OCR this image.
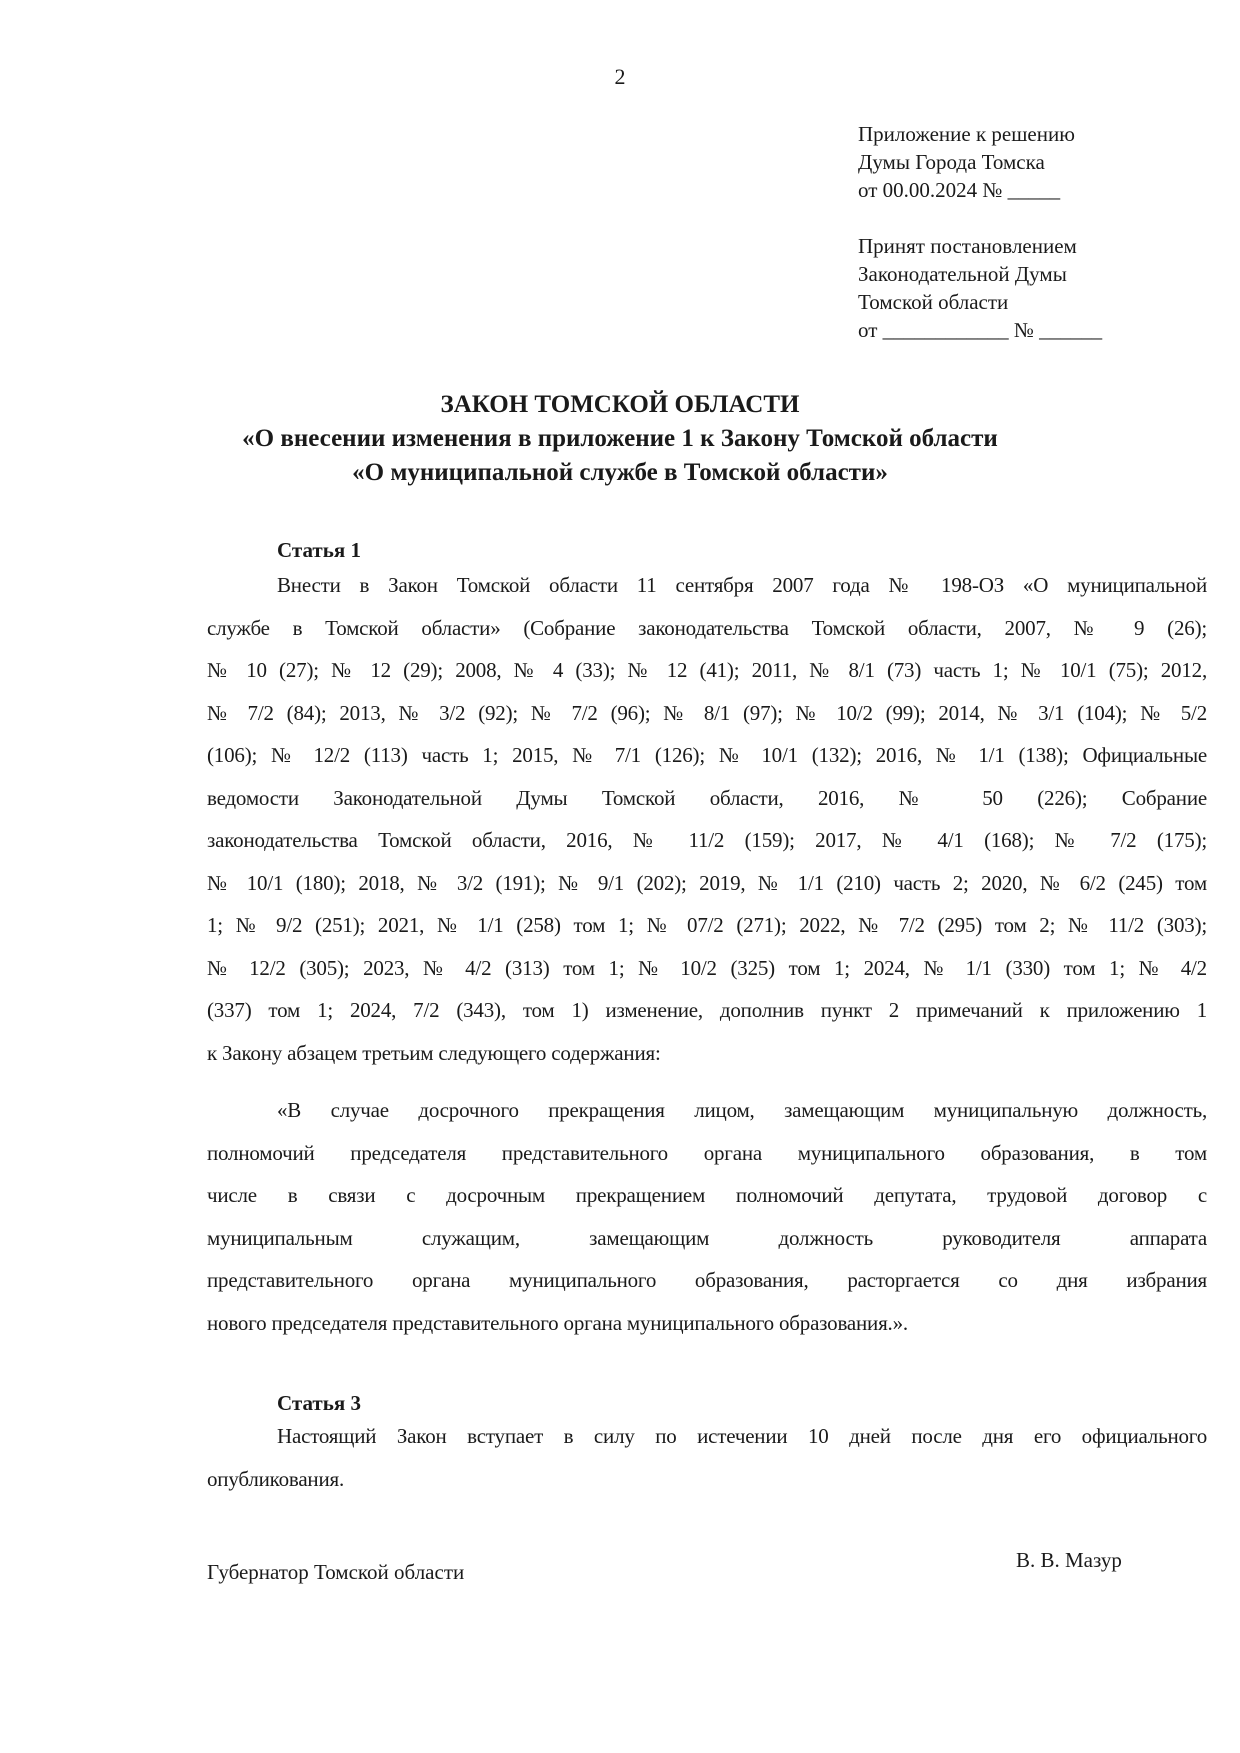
2
Приложение к решению
Думы Города Томска
от 00.00.2024 № _____
Принят постановлением
Законодательной Думы
Томской области
от ____________ № ______
ЗАКОН ТОМСКОЙ ОБЛАСТИ
«О внесении изменения в приложение 1 к Закону Томской области
«О муниципальной службе в Томской области»
Статья 1
Внести в Закон Томской области 11 сентября 2007 года № 198-ОЗ «О муниципальной
службе в Томской области» (Собрание законодательства Томской области, 2007, № 9 (26);
№ 10 (27); № 12 (29); 2008, № 4 (33); № 12 (41); 2011, № 8/1 (73) часть 1; № 10/1 (75); 2012,
№ 7/2 (84); 2013, № 3/2 (92); № 7/2 (96); № 8/1 (97); № 10/2 (99); 2014, № 3/1 (104); № 5/2
(106); № 12/2 (113) часть 1; 2015, № 7/1 (126); № 10/1 (132); 2016, № 1/1 (138); Официальные
ведомости Законодательной Думы Томской области, 2016, № 50 (226); Собрание
законодательства Томской области, 2016, № 11/2 (159); 2017, № 4/1 (168); № 7/2 (175);
№ 10/1 (180); 2018, № 3/2 (191); № 9/1 (202); 2019, № 1/1 (210) часть 2; 2020, № 6/2 (245) том
1; № 9/2 (251); 2021, № 1/1 (258) том 1; № 07/2 (271); 2022, № 7/2 (295) том 2; № 11/2 (303);
№ 12/2 (305); 2023, № 4/2 (313) том 1; № 10/2 (325) том 1; 2024, № 1/1 (330) том 1; № 4/2
(337) том 1; 2024, 7/2 (343), том 1) изменение, дополнив пункт 2 примечаний к приложению 1
к Закону абзацем третьим следующего содержания:
«В случае досрочного прекращения лицом, замещающим муниципальную должность,
полномочий председателя представительного органа муниципального образования, в том
числе в связи с досрочным прекращением полномочий депутата, трудовой договор с
муниципальным служащим, замещающим должность руководителя аппарата
представительного органа муниципального образования, расторгается со дня избрания
нового председателя представительного органа муниципального образования.».
Статья 3
Настоящий Закон вступает в силу по истечении 10 дней после дня его официального
опубликования.
Губернатор Томской области	В. В. Мазур
